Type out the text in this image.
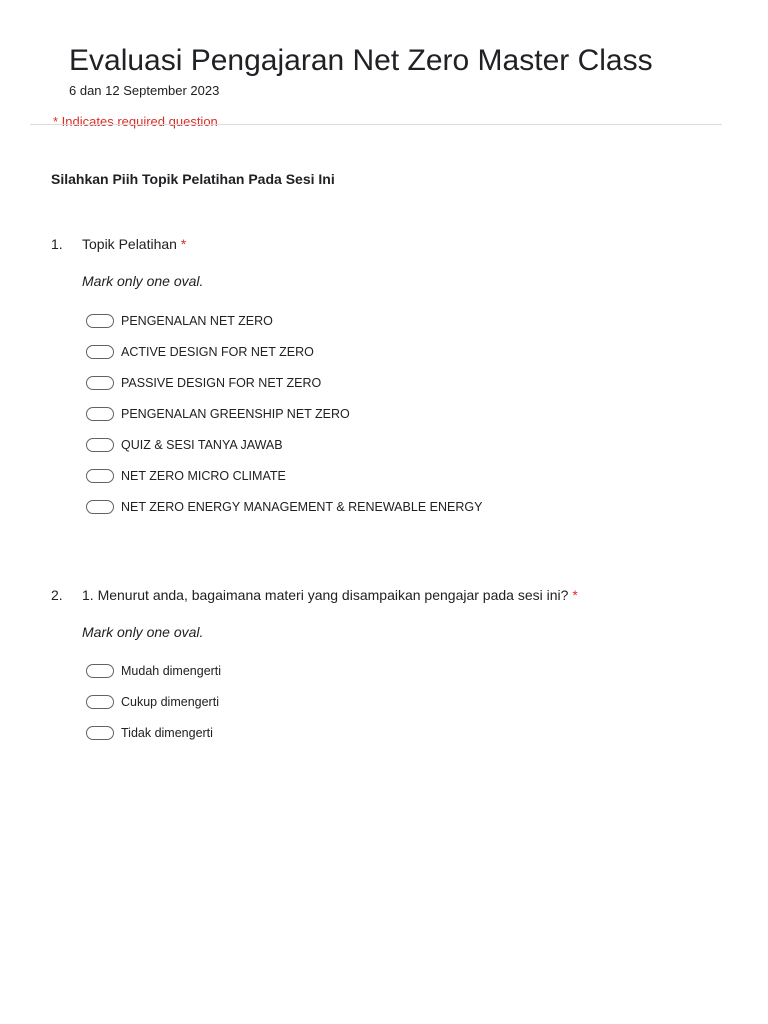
Evaluasi Pengajaran Net Zero Master Class
6 dan 12 September 2023
* Indicates required question
Silahkan Piih Topik Pelatihan Pada Sesi Ini
1. Topik Pelatihan *
Mark only one oval.
PENGENALAN NET ZERO
ACTIVE DESIGN FOR NET ZERO
PASSIVE DESIGN FOR NET ZERO
PENGENALAN GREENSHIP NET ZERO
QUIZ & SESI TANYA JAWAB
NET ZERO MICRO CLIMATE
NET ZERO ENERGY MANAGEMENT & RENEWABLE ENERGY
2. 1. Menurut anda, bagaimana materi yang disampaikan pengajar pada sesi ini? *
Mark only one oval.
Mudah dimengerti
Cukup dimengerti
Tidak dimengerti
